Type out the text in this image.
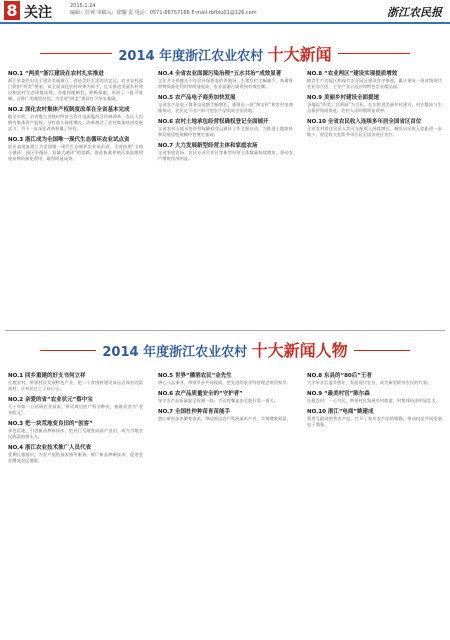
8 关注	2015.1.24
编辑：任钟 审稿人：徐耀 责 电话：0571-86757165 E-mail:rbfhlu01@126.com	浙江农民报
2014 年度浙江农业农村 十大新闻
NO.1 “两美”浙江建设在农村扎实推进
浙江省委作出关于建设美丽浙江、创造美好生活的决定后，农业农村部门紧扣“两美”要求，以全面深化农村改革为抓手，扎实推进美丽乡村建设和农村生态环境治理。各地因地制宜，积极探索，形成了一批可复制、可推广的典型经验，为全省“两美”建设打下坚实基础。
NO.2 深化农村集体产权制度改革在全省基本完成
截至年底，全省绝大多数村经济合作社完成股份合作制改革，农民人均拥有集体资产股权，分红收入持续增长。改革激活了农村集体经济发展活力，为下一步深化改革积累了经验。
NO.3 浙江成为全国唯一现代生态循环农业试点省
农业部批复浙江为全国唯一现代生态循环农业试点省，全省按照“主体小循环、园区中循环、县域大循环”的思路，推进畜禽养殖污染治理和废弃物资源化利用，取得明显成效。
NO.4 全省农业面源污染治理“五水共治”成效显著
全年共关停搬迁不符合环保要求的养殖场，生猪存栏大幅减少，畜禽排泄物资源化利用率明显提高，农业面源污染得到有效控制。
NO.5 农产品电子商务加快发展
全省农产品电子商务交易额大幅增长，涌现出一批“淘宝村”和农村电商服务站，农民足不出户即可把农产品卖向全国各地。
NO.6 农村土地承包经营权确权登记全面铺开
全省农村土地承包经营权确权登记颁证工作全面启动，为推进土地流转和发展适度规模经营奠定基础。
NO.7 大力发展新型经营主体和家庭农场
全省家庭农场、农民专业合作社等新型经营主体数量持续增加，带动农户增收作用明显。
NO.8 “农业两区”建设实现提质增效
粮食生产功能区和现代农业园区建设有序推进，累计建成一批省级现代农业综合区、主导产业示范区和特色农业精品园。
NO.9 美丽乡村建设全面提速
各地以“四美三宜两园”为目标，扎实推进美丽乡村建设，村庄整治与生态保护协同推进，农村人居环境明显改善。
NO.10 全省农民收入连续多年居全国省区首位
全省农村常住居民人均可支配收入持续增长，城乡居民收入差距进一步缩小，农民收入连续多年位居全国各省区首位。
2014 年度浙江农业农村 十大新闻人物
NO.1 回乡重建的好支书何立祥
扎根农村，带领村民发展特色产业，把一个贫困村建设成远近闻名的富裕村，让村民过上了好日子。
NO.2 亲爱的省“农业状元”蔡中宝
几十年如一日钻研农业技术，带动周边农户科学种田，被群众誉为“农业状元”。
NO.3 把一块荒地变良田的“创客”
承包荒地，引进新品种新技术，把昔日荒地变成高产良田，成为当地农民致富的带头人。
NO.4 浙江农业技术推广人员代表
长期扎根基层，为农户提供技术指导服务，推广新品种新技术，促进农业增效农民增收。
NO.5 世界“播洒农民”金先生
热心公益事业，带领乡亲共同致富，把先进的农业经营理念带回家乡。
NO.6 农产品质量安全的“守护者”
坚守农产品质量安全检测一线，为百姓餐桌安全把好第一道关。
NO.7 全国杜仲种苗育苗能手
潜心研究苗木繁育技术，带动周边农户发展苗木产业，实现增收致富。
NO.8 东县的“80后”王者
大学毕业后返乡创业，发展现代农业，成为新型职业农民的代表。
NO.9 “最美村官”陈尔森
扎根农村，一心为民，带领村民发展乡村旅游，村集体经济明显壮大。
NO.10 浙江“电商”姚建成
利用互联网销售农产品，打开了家乡农产品的销路，带动村民共同发展电子商务。
